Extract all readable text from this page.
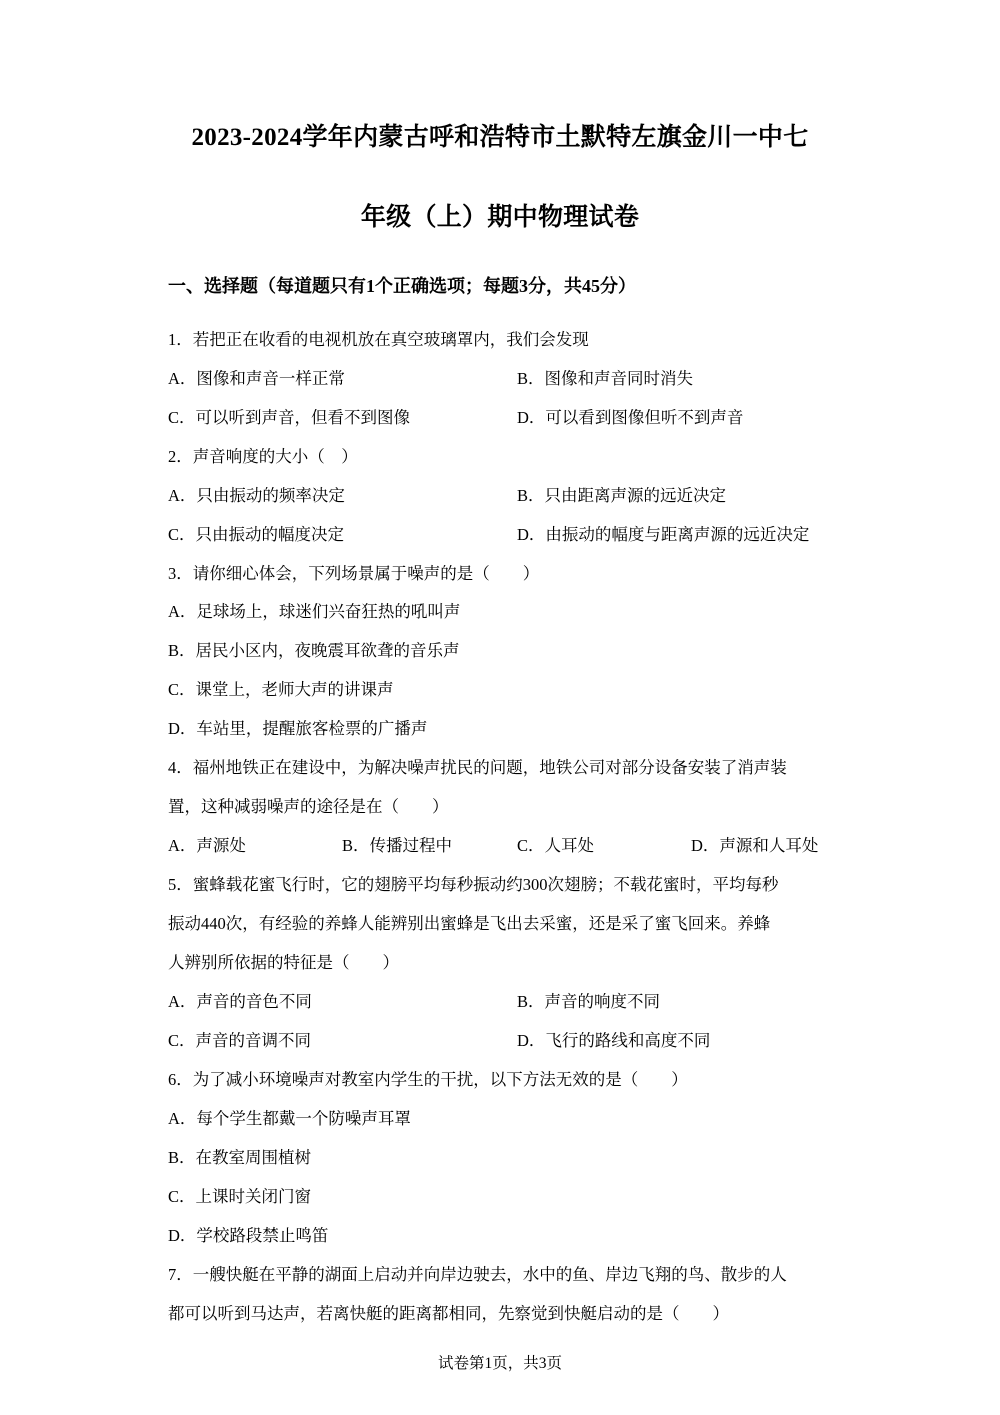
2023-2024学年内蒙古呼和浩特市土默特左旗金川一中七
年级（上）期中物理试卷
一、选择题（每道题只有1个正确选项；每题3分，共45分）
1．若把正在收看的电视机放在真空玻璃罩内，我们会发现
A．图像和声音一样正常	B．图像和声音同时消失
C．可以听到声音，但看不到图像	D．可以看到图像但听不到声音
2．声音响度的大小（　）
A．只由振动的频率决定	B．只由距离声源的远近决定
C．只由振动的幅度决定	D．由振动的幅度与距离声源的远近决定
3．请你细心体会，下列场景属于噪声的是（　　）
A．足球场上，球迷们兴奋狂热的吼叫声
B．居民小区内，夜晚震耳欲聋的音乐声
C．课堂上，老师大声的讲课声
D．车站里，提醒旅客检票的广播声
4．福州地铁正在建设中，为解决噪声扰民的问题，地铁公司对部分设备安装了消声装
置，这种减弱噪声的途径是在（　　）
A．声源处	B．传播过程中	C．人耳处	D．声源和人耳处
5．蜜蜂载花蜜飞行时，它的翅膀平均每秒振动约300次翅膀；不载花蜜时，平均每秒
振动440次，有经验的养蜂人能辨别出蜜蜂是飞出去采蜜，还是采了蜜飞回来。养蜂
人辨别所依据的特征是（　　）
A．声音的音色不同	B．声音的响度不同
C．声音的音调不同	D．飞行的路线和高度不同
6．为了减小环境噪声对教室内学生的干扰，以下方法无效的是（　　）
A．每个学生都戴一个防噪声耳罩
B．在教室周围植树
C．上课时关闭门窗
D．学校路段禁止鸣笛
7．一艘快艇在平静的湖面上启动并向岸边驶去，水中的鱼、岸边飞翔的鸟、散步的人
都可以听到马达声，若离快艇的距离都相同，先察觉到快艇启动的是（　　）
试卷第1页，共3页
